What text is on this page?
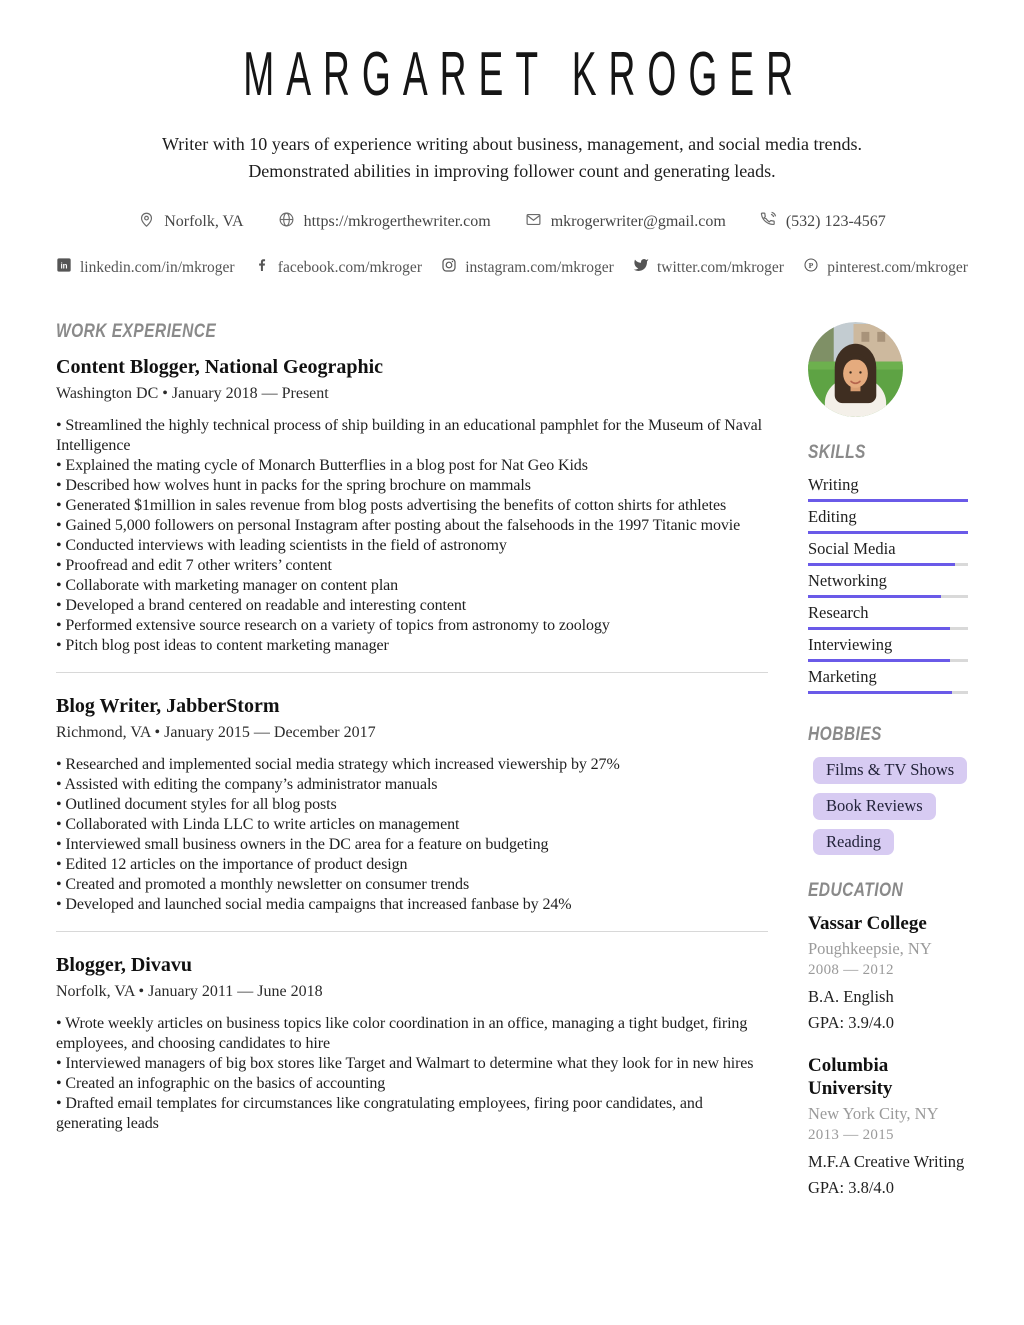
MARGARET KROGER

Writer with 10 years of experience writing about business, management, and social media trends. Demonstrated abilities in improving follower count and generating leads.

Norfolk, VA	https://mkrogerthewriter.com	mkrogerwriter@gmail.com	(532) 123-4567
in linkedin.com/in/mkroger	facebook.com/mkroger	instagram.com/mkroger	twitter.com/mkroger P pinterest.com/mkroger
WORK EXPERIENCE
Content Blogger, National Geographic
Washington DC • January 2018 — Present
• Streamlined the highly technical process of ship building in an educational pamphlet for the Museum of Naval Intelligence
• Explained the mating cycle of Monarch Butterflies in a blog post for Nat Geo Kids
• Described how wolves hunt in packs for the spring brochure on mammals
• Generated $1million in sales revenue from blog posts advertising the benefits of cotton shirts for athletes
• Gained 5,000 followers on personal Instagram after posting about the falsehoods in the 1997 Titanic movie
• Conducted interviews with leading scientists in the field of astronomy
• Proofread and edit 7 other writers’ content
• Collaborate with marketing manager on content plan
• Developed a brand centered on readable and interesting content
• Performed extensive source research on a variety of topics from astronomy to zoology
• Pitch blog post ideas to content marketing manager
Blog Writer, JabberStorm
Richmond, VA • January 2015 — December 2017
• Researched and implemented social media strategy which increased viewership by 27%
• Assisted with editing the company’s administrator manuals
• Outlined document styles for all blog posts
• Collaborated with Linda LLC to write articles on management
• Interviewed small business owners in the DC area for a feature on budgeting
• Edited 12 articles on the importance of product design
• Created and promoted a monthly newsletter on consumer trends
• Developed and launched social media campaigns that increased fanbase by 24%
Blogger, Divavu
Norfolk, VA • January 2011 — June 2018
• Wrote weekly articles on business topics like color coordination in an office, managing a tight budget, firing employees, and choosing candidates to hire
• Interviewed managers of big box stores like Target and Walmart to determine what they look for in new hires
• Created an infographic on the basics of accounting
• Drafted email templates for circumstances like congratulating employees, firing poor candidates, and generating leads
SKILLS
Writing
Editing
Social Media
Networking
Research
Interviewing
Marketing
HOBBIES
Films & TV Shows
Book Reviews
Reading
EDUCATION
Vassar College
Poughkeepsie, NY
2008 — 2012
B.A. English
GPA: 3.9/4.0
Columbia University
New York City, NY
2013 — 2015
M.F.A Creative Writing
GPA: 3.8/4.0
